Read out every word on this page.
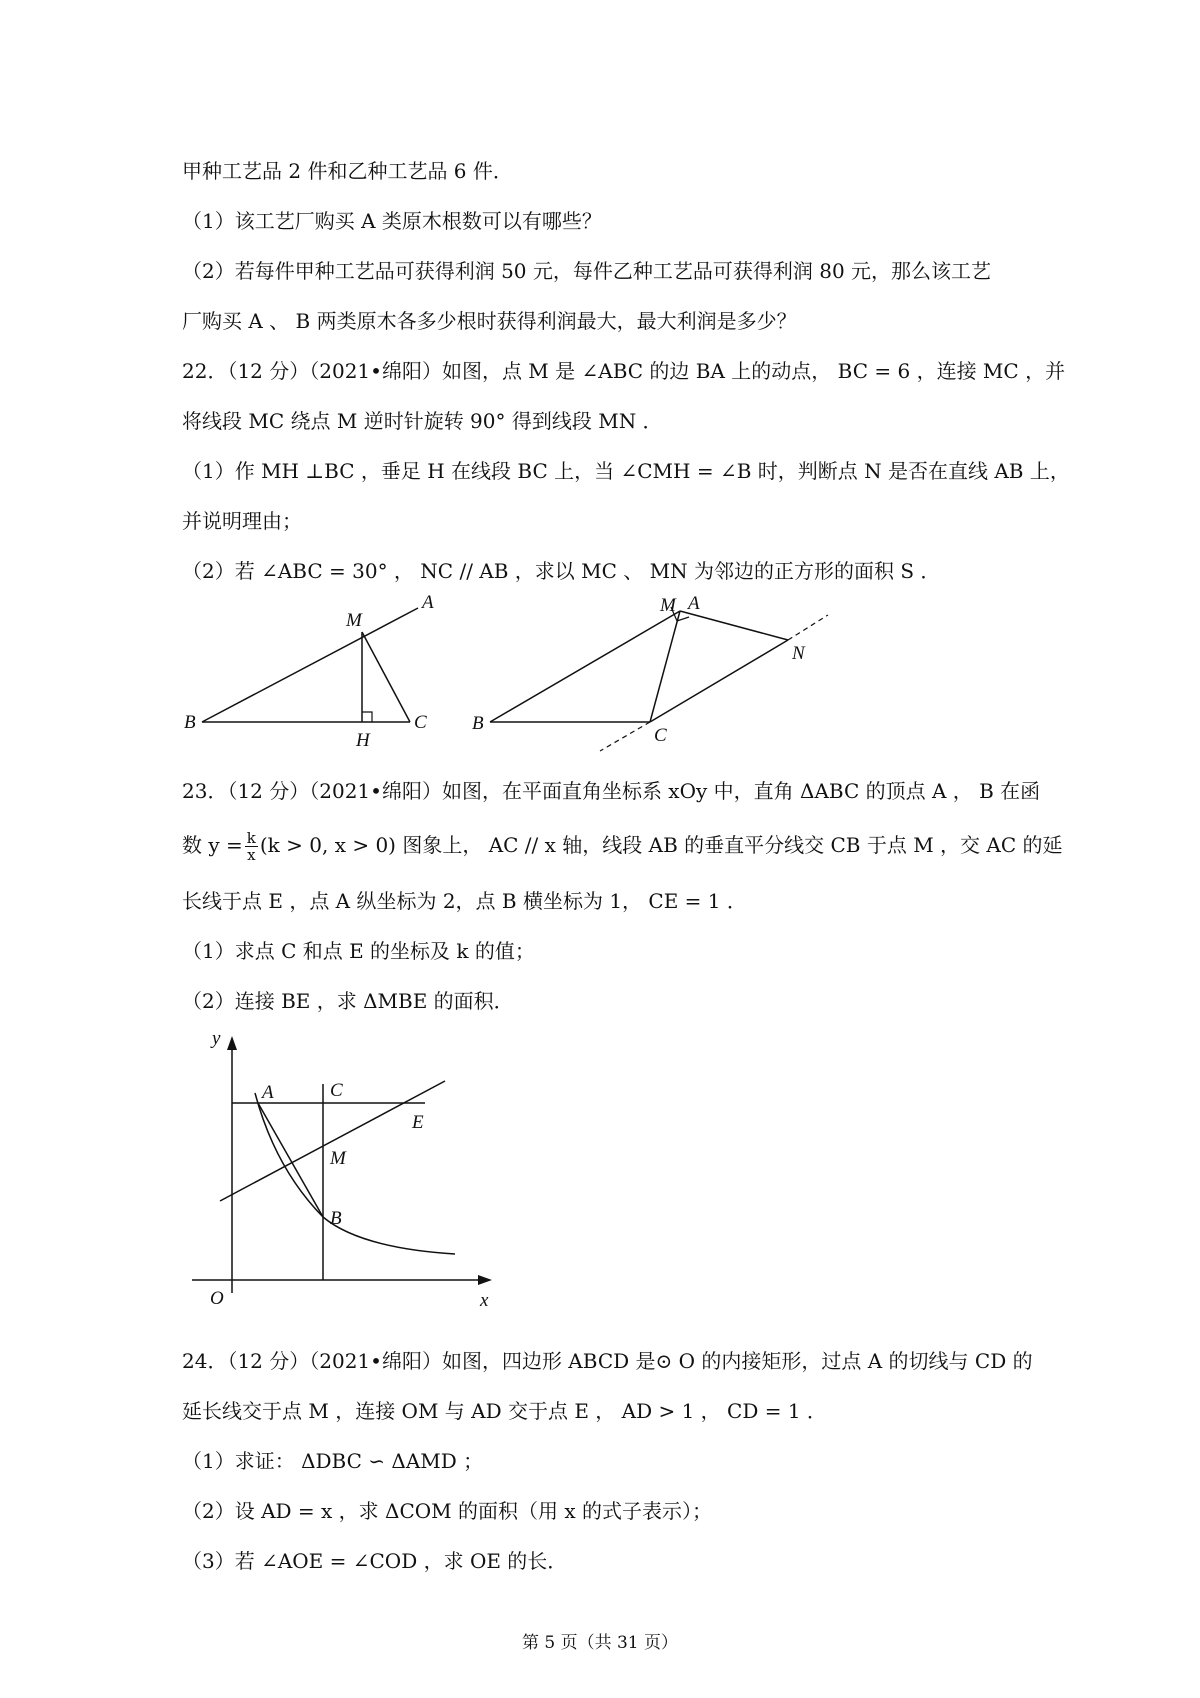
甲种工艺品 2 件和乙种工艺品 6 件．
（1）该工艺厂购买 A 类原木根数可以有哪些？
（2）若每件甲种工艺品可获得利润 50 元，每件乙种工艺品可获得利润 80 元，那么该工艺
厂购买 A 、 B 两类原木各多少根时获得利润最大，最大利润是多少？
22．（12 分）（2021•绵阳）如图，点 M 是 ∠ABC 的边 BA 上的动点， BC = 6 ，连接 MC ，并
将线段 MC 绕点 M 逆时针旋转 90° 得到线段 MN ．
（1）作 MH ⊥BC ，垂足 H 在线段 BC 上，当 ∠CMH = ∠B 时，判断点 N 是否在直线 AB 上，
并说明理由；
（2）若 ∠ABC = 30° ， NC // AB ，求以 MC 、 MN 为邻边的正方形的面积 S ．
M
A
B
H
C
M A
B
C
N
23．（12 分）（2021•绵阳）如图，在平面直角坐标系 xOy 中，直角 ΔABC 的顶点 A ， B 在函
数 $y = \frac{k}{x} (k > 0$, x > 0) 图象上， AC // x 轴，线段 AB 的垂直平分线交 CB 于点 M ，交 AC 的延
长线于点 E ，点 A 纵坐标为 2，点 B 横坐标为 1， CE = 1 ．
（1）求点 C 和点 E 的坐标及 k 的值；
（2）连接 BE ，求 ΔMBE 的面积．
y
x
O
A	C
E
M
B
24．（12 分）（2021•绵阳）如图，四边形 ABCD 是⊙ O 的内接矩形，过点 A 的切线与 CD 的
延长线交于点 M ，连接 OM 与 AD 交于点 E ， AD > 1 ， CD = 1 ．
（1）求证： ΔDBC ∽ ΔAMD ；
（2）设 AD = x ，求 ΔCOM 的面积（用 x 的式子表示）；
（3）若 ∠AOE = ∠COD ，求 OE 的长．
第 5 页（共 31 页）
